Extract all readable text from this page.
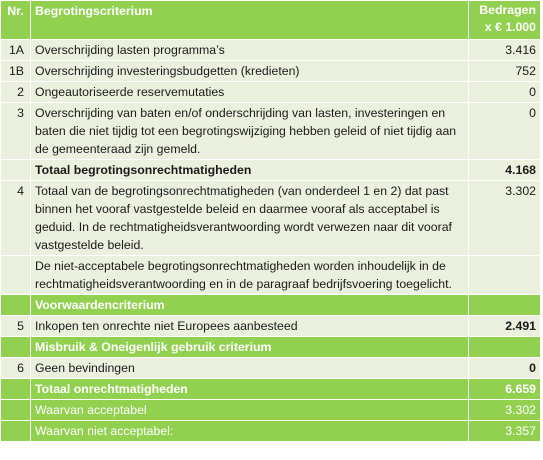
Nr.	Begrotingscriterium	Bedragen
x € 1.000
1A	Overschrijding lasten programma’s	3.416
1B	Overschrijding investeringsbudgetten (kredieten)	752
2	Ongeautoriseerde reservemutaties	0
3	Overschrijding van baten en/of onderschrijding van lasten, investeringen en baten die niet tijdig tot een begrotingswijziging hebben geleid of niet tijdig aan de gemeenteraad zijn gemeld.	0
	Totaal begrotingsonrechtmatigheden	4.168
4	Totaal van de begrotingsonrechtmatigheden (van onderdeel 1 en 2) dat past binnen het vooraf vastgestelde beleid en daarmee vooraf als acceptabel is geduid. In de rechtmatigheidsverantwoording wordt verwezen naar dit vooraf vastgestelde beleid.	3.302
	De niet-acceptabele begrotingsonrechtmatigheden worden inhoudelijk in de rechtmatigheidsverantwoording en in de paragraaf bedrijfsvoering toegelicht.	
	Voorwaardencriterium	
5	Inkopen ten onrechte niet Europees aanbesteed	2.491
	Misbruik & Oneigenlijk gebruik criterium	
6	Geen bevindingen	0
	Totaal onrechtmatigheden	6.659
	Waarvan acceptabel	3.302
	Waarvan niet acceptabel:	3.357
